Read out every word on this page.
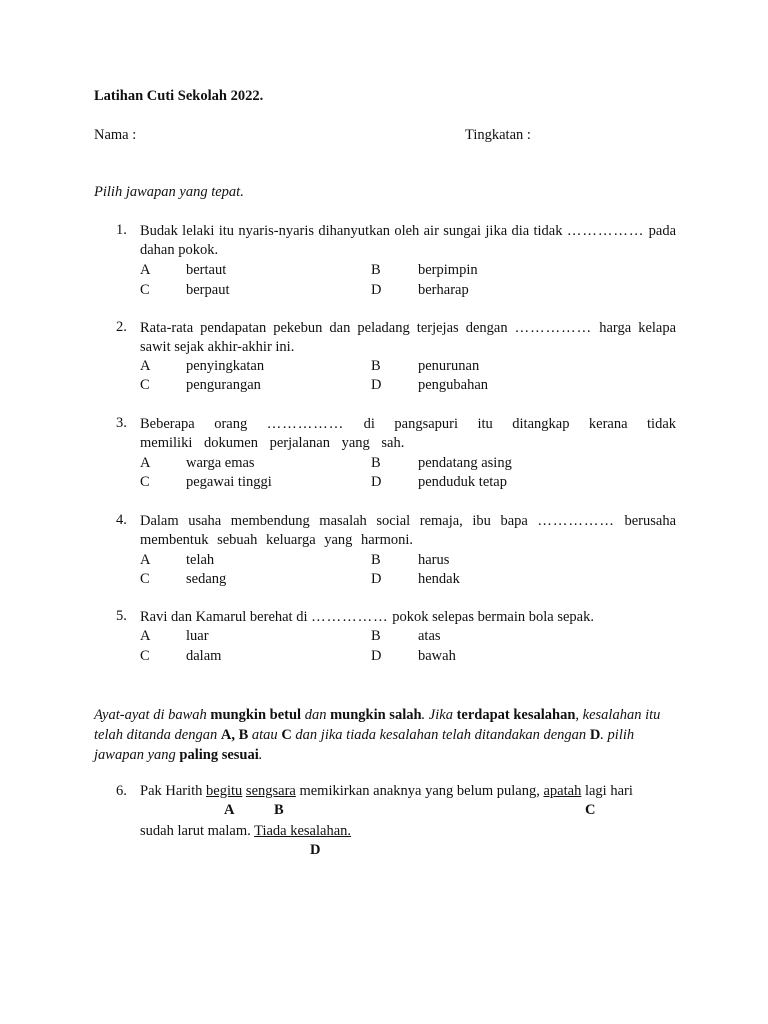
Latihan Cuti Sekolah 2022.
Nama :	Tingkatan :
Pilih jawapan yang tepat.
1. Budak lelaki itu nyaris-nyaris dihanyutkan oleh air sungai jika dia tidak …………… pada dahan pokok.
A bertaut	B	berpimpin
C	berpaut	D	berharap
2. Rata-rata pendapatan pekebun dan peladang terjejas dengan …………… harga kelapa sawit sejak akhir-akhir ini.
A penyingkatan	B	penurunan
C	pengurangan	D	pengubahan
3. Beberapa orang …………… di pangsapuri itu ditangkap kerana tidak memiliki dokumen perjalanan yang sah.
A warga emas	B	pendatang asing
C	pegawai tinggi	D	penduduk tetap
4. Dalam usaha membendung masalah social remaja, ibu bapa …………… berusaha membentuk sebuah keluarga yang harmoni.
A telah	B	harus
C	sedang	D	hendak
5. Ravi dan Kamarul berehat di …………… pokok selepas bermain bola sepak.
A luar	B	atas
C	dalam	D	bawah
Ayat-ayat di bawah mungkin betul dan mungkin salah. Jika terdapat kesalahan, kesalahan itu telah ditanda dengan A, B atau C dan jika tiada kesalahan telah ditandakan dengan D. pilih jawapan yang paling sesuai.
6. Pak Harith begitu sengsara memikirkan anaknya yang belum pulang, apatah lagi hari
A	B	C
sudah larut malam. Tiada kesalahan.
D
